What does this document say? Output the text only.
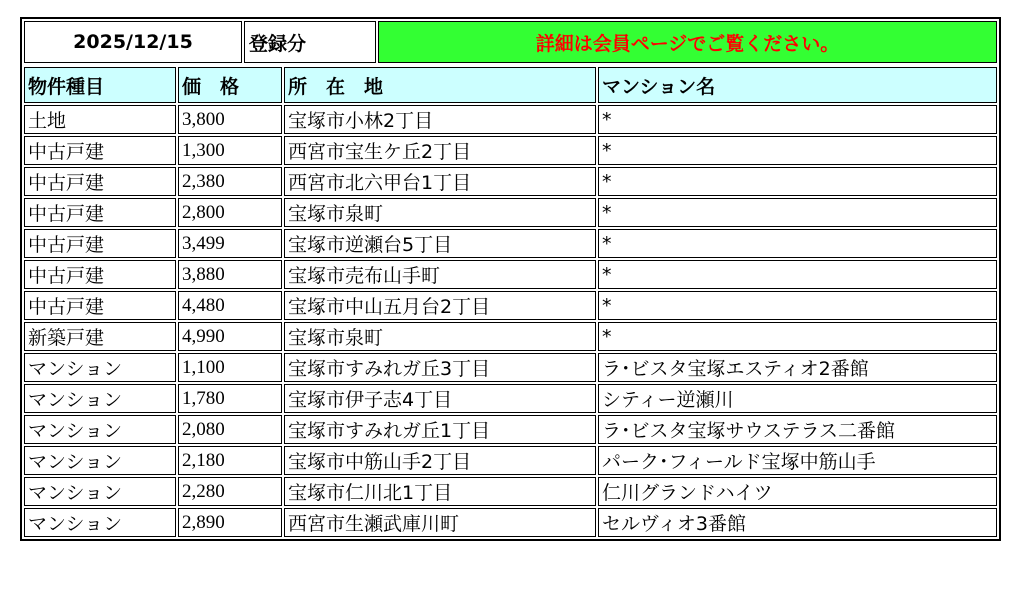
2025/12/15	登録分	詳細は会員ページでご覧ください。
物件種目	価　格	所　在　地	マンション名
土地	3,800	宝塚市小林2丁目	*
中古戸建	1,300	西宮市宝生ケ丘2丁目	*
中古戸建	2,380	西宮市北六甲台1丁目	*
中古戸建	2,800	宝塚市泉町	*
中古戸建	3,499	宝塚市逆瀬台5丁目	*
中古戸建	3,880	宝塚市売布山手町	*
中古戸建	4,480	宝塚市中山五月台2丁目	*
新築戸建	4,990	宝塚市泉町	*
マンション	1,100	宝塚市すみれガ丘3丁目	ラ･ビスタ宝塚エスティオ2番館
マンション	1,780	宝塚市伊子志4丁目	シティー逆瀬川
マンション	2,080	宝塚市すみれガ丘1丁目	ラ･ビスタ宝塚サウステラス二番館
マンション	2,180	宝塚市中筋山手2丁目	パーク･フィールド宝塚中筋山手
マンション	2,280	宝塚市仁川北1丁目	仁川グランドハイツ
マンション	2,890	西宮市生瀬武庫川町	セルヴィオ3番館
